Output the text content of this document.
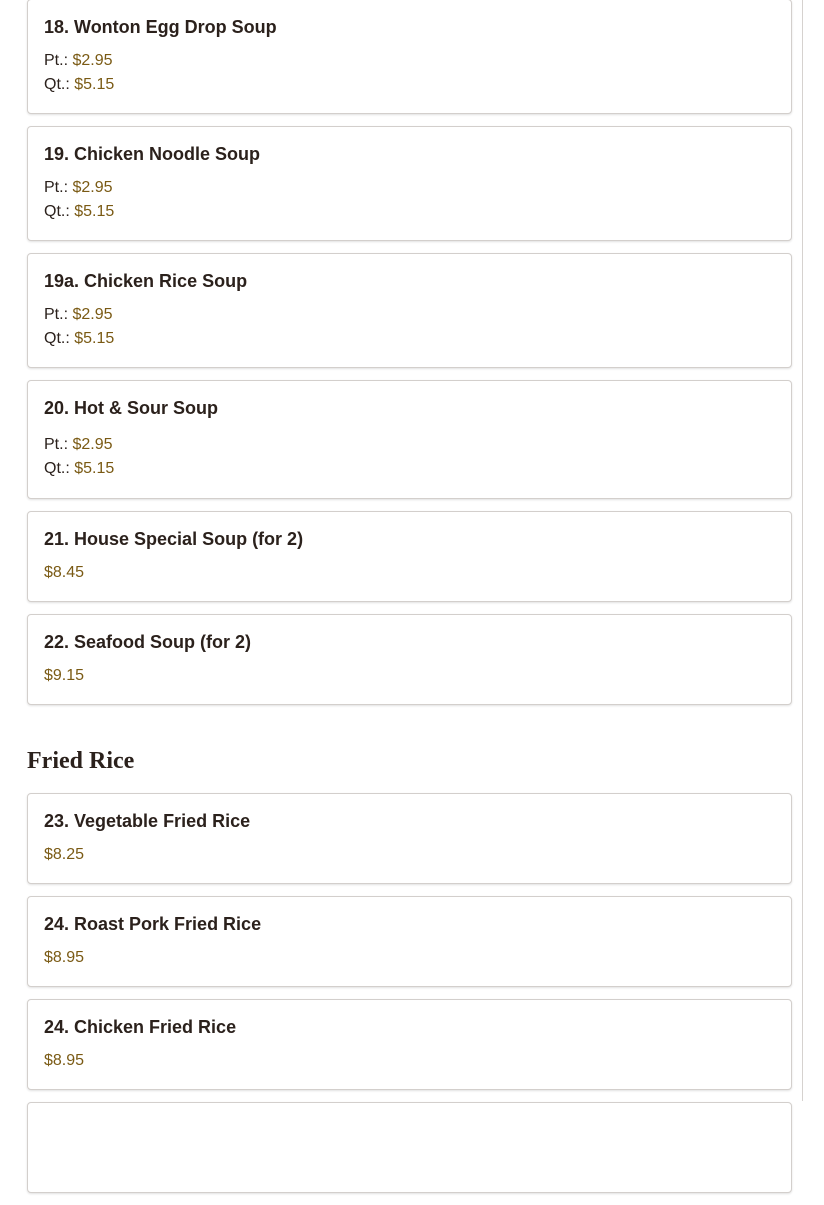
18. Wonton Egg Drop Soup
Pt.: $2.95
Qt.: $5.15
19. Chicken Noodle Soup
Pt.: $2.95
Qt.: $5.15
19a. Chicken Rice Soup
Pt.: $2.95
Qt.: $5.15
20. Hot & Sour Soup
Pt.: $2.95
Qt.: $5.15
21. House Special Soup (for 2)
$8.45
22. Seafood Soup (for 2)
$9.15
Fried Rice
23. Vegetable Fried Rice
$8.25
24. Roast Pork Fried Rice
$8.95
24. Chicken Fried Rice
$8.95
